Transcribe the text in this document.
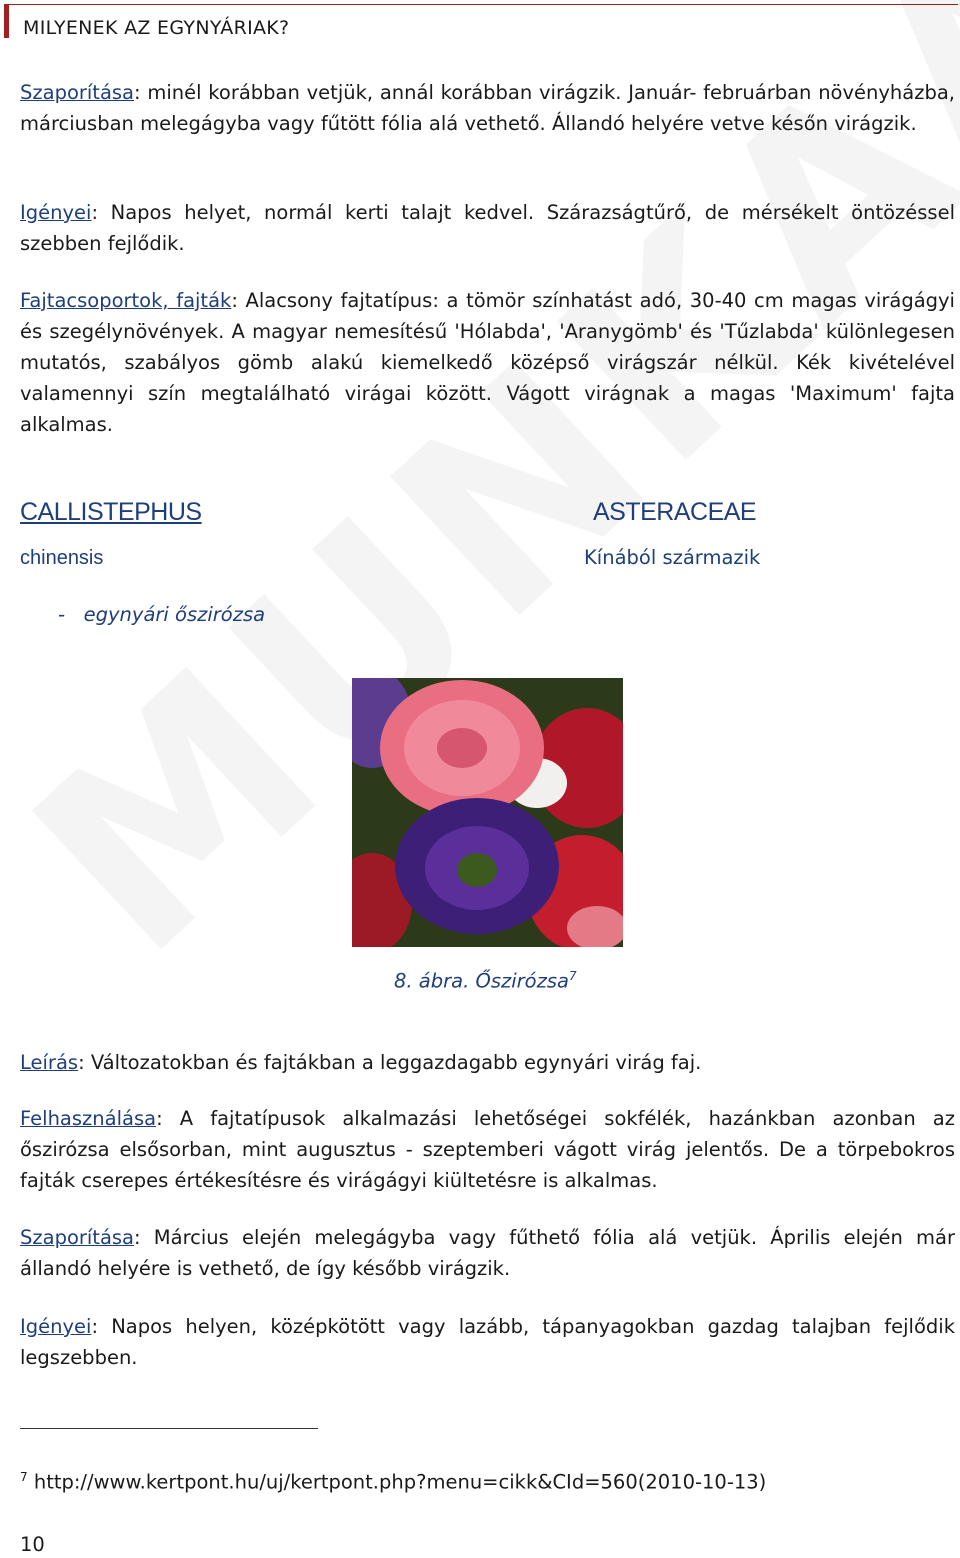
MILYENEK AZ EGYNYÁRIAK?

Szaporítása: minél korábban vetjük, annál korábban virágzik. Január- februárban növényházba, márciusban melegágyba vagy fűtött fólia alá vethető. Állandó helyére vetve későn virágzik.

Igényei: Napos helyet, normál kerti talajt kedvel. Szárazságtűrő, de mérsékelt öntözéssel szebben fejlődik.

Fajtacsoportok, fajták: Alacsony fajtatípus: a tömör színhatást adó, 30-40 cm magas virágágyi és szegélynövények. A magyar nemesítésű 'Hólabda', 'Aranygömb' és 'Tűzlabda' különlegesen mutatós, szabályos gömb alakú kiemelkedő középső virágszár nélkül. Kék kivételével valamennyi szín megtalálható virágai között. Vágott virágnak a magas 'Maximum' fajta alkalmas.

CALLISTEPHUS	ASTERACEAE
chinensis	Kínából származik
-   egynyári őszirózsa
8. ábra. Őszirózsa$^7$

Leírás: Változatokban és fajtákban a leggazdagabb egynyári virág faj.

Felhasználása: A fajtatípusok alkalmazási lehetőségei sokfélék, hazánkban azonban az őszirózsa elsősorban, mint augusztus - szeptemberi vágott virág jelentős. De a törpebokros fajták cserepes értékesítésre és virágágyi kiültetésre is alkalmas.

Szaporítása: Március elején melegágyba vagy fűthető fólia alá vetjük. Április elején már állandó helyére is vethető, de így később virágzik.

Igényei: Napos helyen, középkötött vagy lazább, tápanyagokban gazdag talajban fejlődik legszebben.

$^7$ http://www.kertpont.hu/uj/kertpont.php?menu=cikk&CId=560(2010-10-13)
10
